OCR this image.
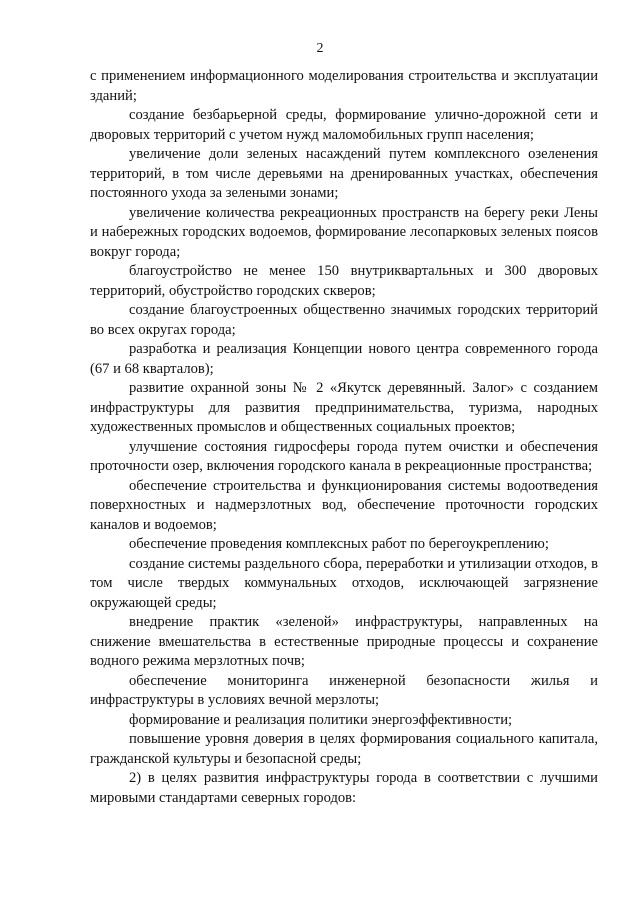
2

с применением информационного моделирования строительства и эксплуатации зданий;

создание безбарьерной среды, формирование улично-дорожной сети и дворовых территорий с учетом нужд маломобильных групп населения;

увеличение доли зеленых насаждений путем комплексного озеленения территорий, в том числе деревьями на дренированных участках, обеспечения постоянного ухода за зелеными зонами;

увеличение количества рекреационных пространств на берегу реки Лены и набережных городских водоемов, формирование лесопарковых зеленых поясов вокруг города;

благоустройство не менее 150 внутриквартальных и 300 дворовых территорий, обустройство городских скверов;

создание благоустроенных общественно значимых городских территорий во всех округах города;

разработка и реализация Концепции нового центра современного города (67 и 68 кварталов);

развитие охранной зоны № 2 «Якутск деревянный. Залог» с созданием инфраструктуры для развития предпринимательства, туризма, народных художественных промыслов и общественных социальных проектов;

улучшение состояния гидросферы города путем очистки и обеспечения проточности озер, включения городского канала в рекреационные пространства;

обеспечение строительства и функционирования системы водоотведения поверхностных и надмерзлотных вод, обеспечение проточности городских каналов и водоемов;

обеспечение проведения комплексных работ по берегоукреплению;

создание системы раздельного сбора, переработки и утилизации отходов, в том числе твердых коммунальных отходов, исключающей загрязнение окружающей среды;

внедрение практик «зеленой» инфраструктуры, направленных на снижение вмешательства в естественные природные процессы и сохранение водного режима мерзлотных почв;

обеспечение мониторинга инженерной безопасности жилья и инфраструктуры в условиях вечной мерзлоты;

формирование и реализация политики энергоэффективности;

повышение уровня доверия в целях формирования социального капитала, гражданской культуры и безопасной среды;

2) в целях развития инфраструктуры города в соответствии с лучшими мировыми стандартами северных городов:
